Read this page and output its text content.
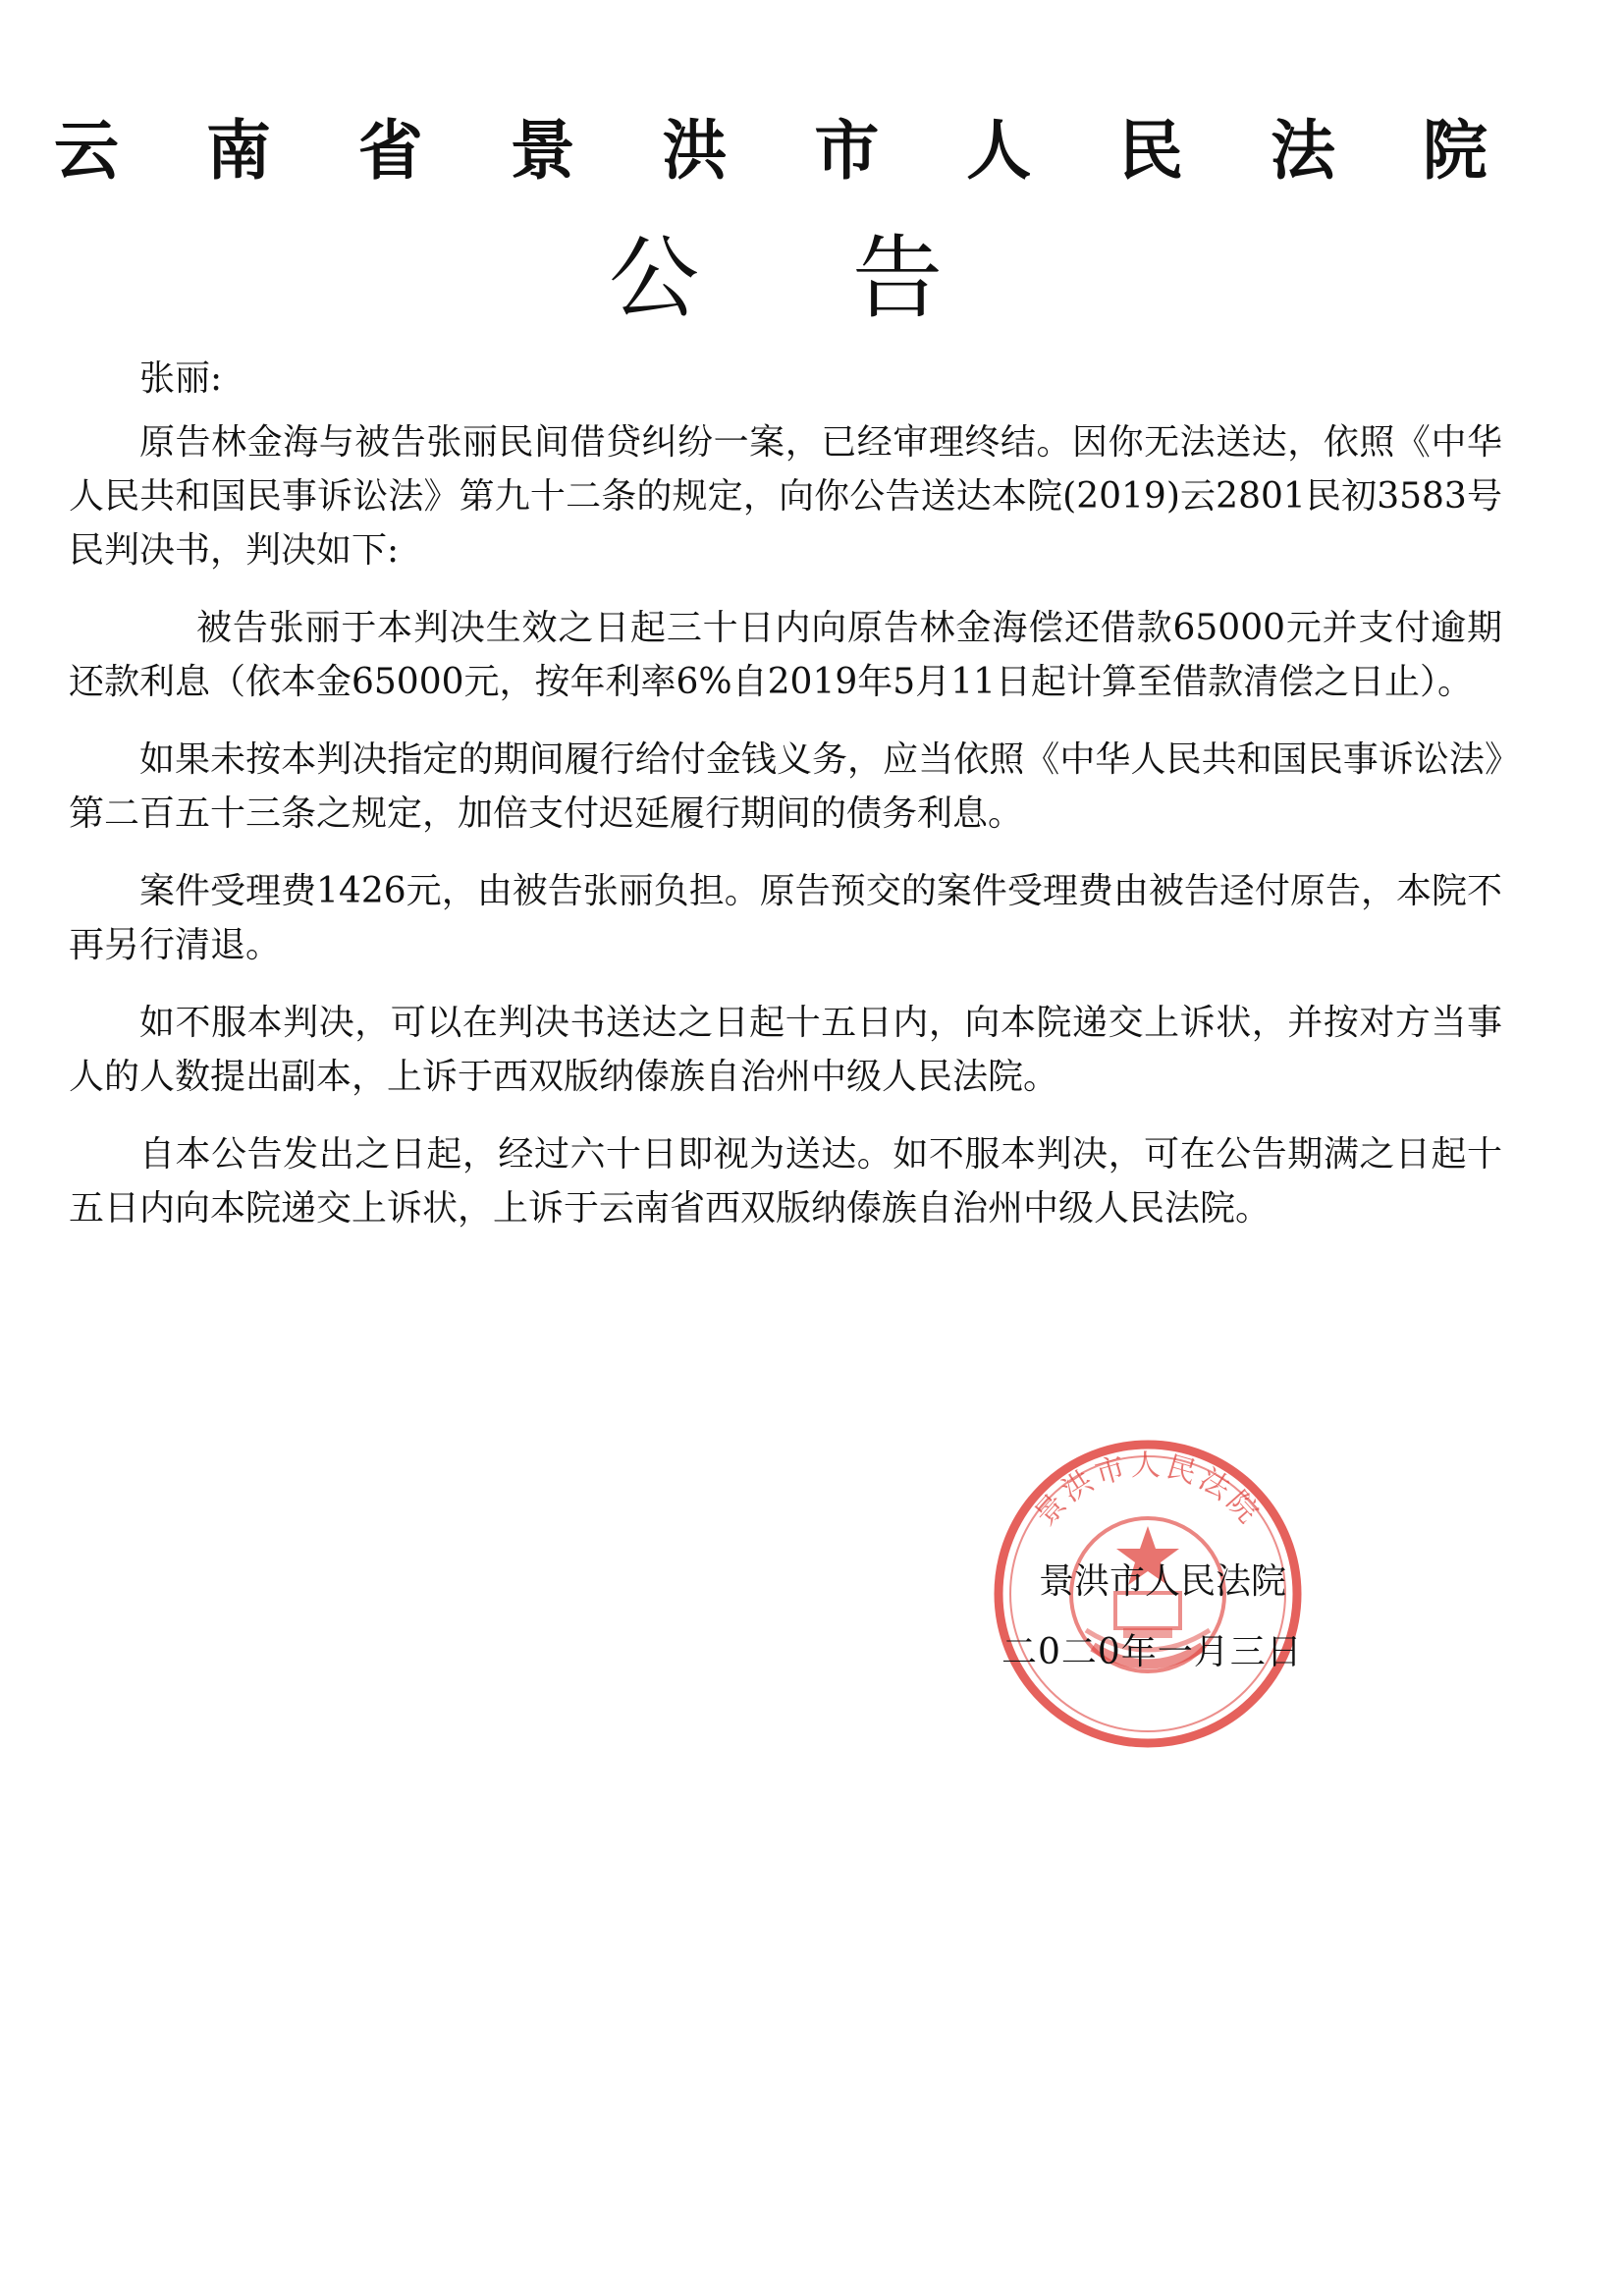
云 南 省 景 洪 市 人 民 法 院
公 告

张丽:

原告林金海与被告张丽民间借贷纠纷一案，已经审理终结。因你无法送达，依照《中华人民共和国民事诉讼法》第九十二条的规定，向你公告送达本院(2019)云2801民初3583号民判决书，判决如下:

被告张丽于本判决生效之日起三十日内向原告林金海偿还借款65000元并支付逾期还款利息（依本金65000元，按年利率6%自2019年5月11日起计算至借款清偿之日止）。

如果未按本判决指定的期间履行给付金钱义务，应当依照《中华人民共和国民事诉讼法》第二百五十三条之规定，加倍支付迟延履行期间的债务利息。

案件受理费1426元，由被告张丽负担。原告预交的案件受理费由被告迳付原告，本院不再另行清退。

如不服本判决，可以在判决书送达之日起十五日内，向本院递交上诉状，并按对方当事人的人数提出副本，上诉于西双版纳傣族自治州中级人民法院。

自本公告发出之日起，经过六十日即视为送达。如不服本判决，可在公告期满之日起十五日内向本院递交上诉状，上诉于云南省西双版纳傣族自治州中级人民法院。

景洪市人民法院
景洪市人民法院
二0二0年一月三日
